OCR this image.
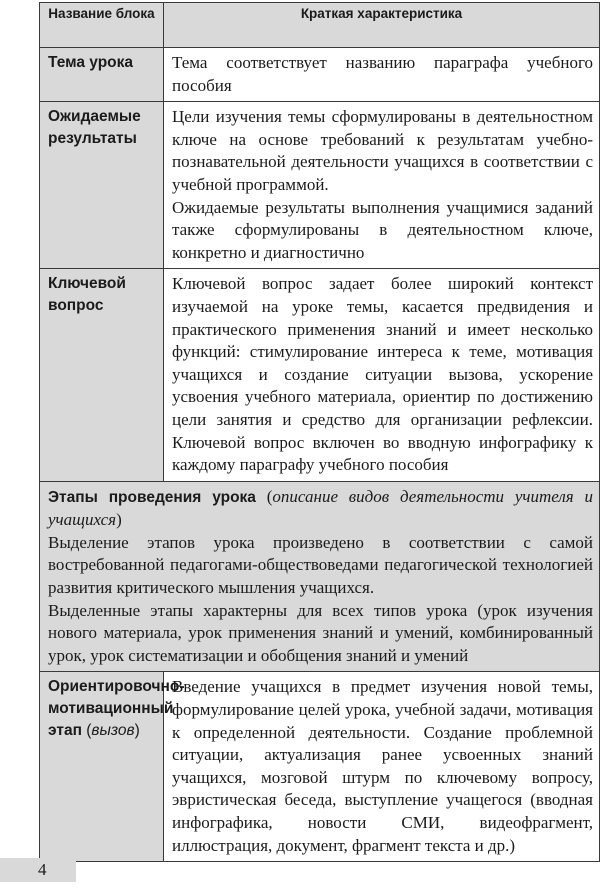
Название блока	Краткая характеристика
Тема урока	Тема соответствует названию параграфа учебного пособия

Ожидаемые результаты	Цели изучения темы сформулированы в деятельностном ключе на основе требований к результатам учебно-познавательной деятельности учащихся в соответствии с учебной программой.
Ожидаемые результаты выполнения учащимися заданий также сформулированы в деятельностном ключе, конкретно и диагностично

Ключевой вопрос	Ключевой вопрос задает более широкий контекст изучаемой на уроке темы, касается предвидения и практического применения знаний и имеет несколько функций: стимулирование интереса к теме, мотивация учащихся и создание ситуации вызова, ускорение усвоения учебного материала, ориентир по достижению цели занятия и средство для организации рефлексии. Ключевой вопрос включен во вводную инфографику к каждому параграфу учебного пособия

Этапы проведения урока (описание видов деятельности учителя и учащихся)
Выделение этапов урока произведено в соответствии с самой востребованной педагогами-обществоведами педагогической технологией развития критического мышления учащихся.
Выделенные этапы характерны для всех типов урока (урок изучения нового материала, урок применения знаний и умений, комбинированный урок, урок систематизации и обобщения знаний и умений	

Ориентировочно-мотивационный этап (вызов)	Введение учащихся в предмет изучения новой темы, формулирование целей урока, учебной задачи, мотивация к определенной деятельности. Создание проблемной ситуации, актуализация ранее усвоенных знаний учащихся, мозговой штурм по ключевому вопросу, эвристическая беседа, выступление учащегося (вводная инфографика, новости СМИ, видеофрагмент, иллюстрация, документ, фрагмент текста и др.)
4
